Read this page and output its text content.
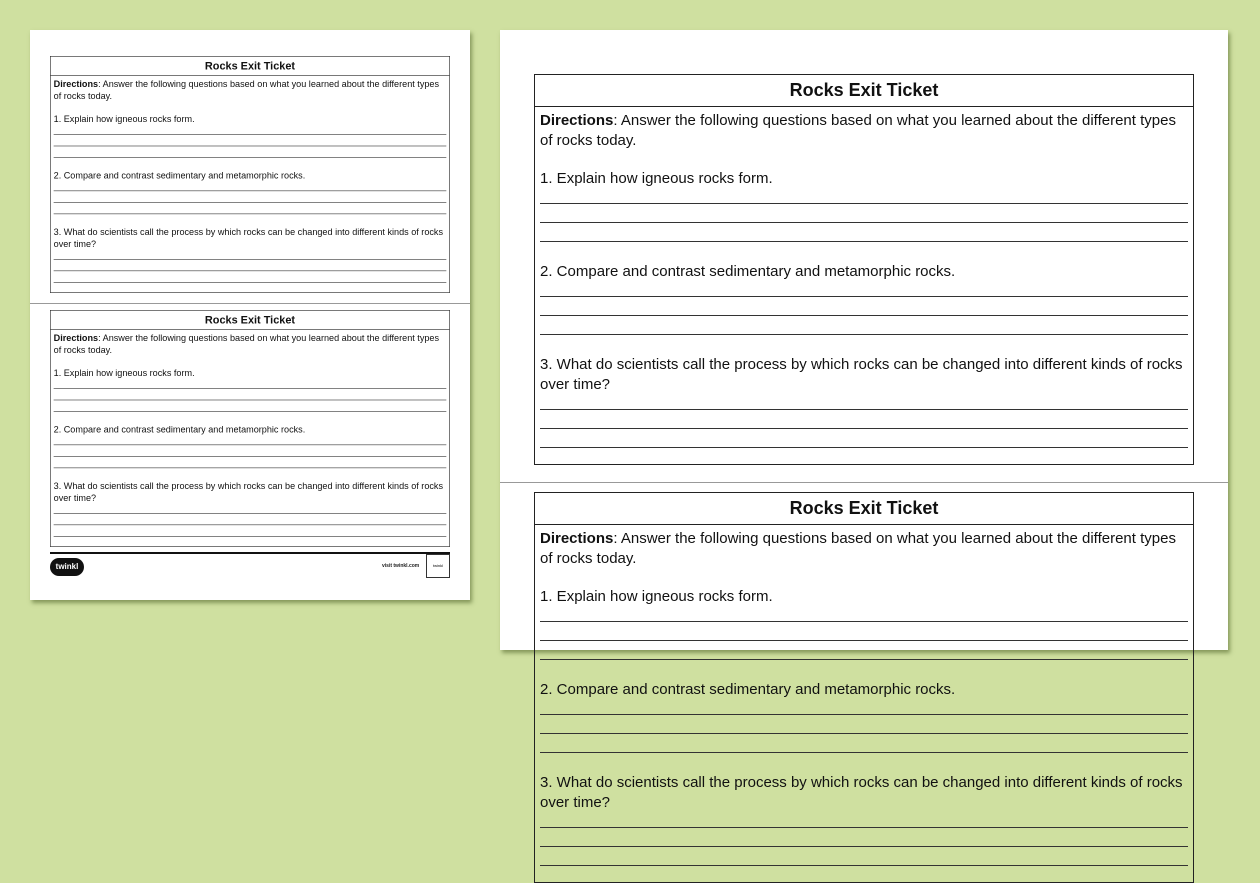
twinkl	visit twinkl.com	twinkl
Rocks Exit Ticket
Directions: Answer the following questions based on what you learned about the different types of rocks today.
1. Explain how igneous rocks form.
2. Compare and contrast sedimentary and metamorphic rocks.
3. What do scientists call the process by which rocks can be changed into different kinds of rocks over time?
Rocks Exit Ticket
Directions: Answer the following questions based on what you learned about the different types of rocks today.
1. Explain how igneous rocks form.
2. Compare and contrast sedimentary and metamorphic rocks.
3. What do scientists call the process by which rocks can be changed into different kinds of rocks over time?
Rocks Exit Ticket
Directions: Answer the following questions based on what you learned about the different types of rocks today.
1. Explain how igneous rocks form.
2. Compare and contrast sedimentary and metamorphic rocks.
3. What do scientists call the process by which rocks can be changed into different kinds of rocks over time?
Rocks Exit Ticket
Directions: Answer the following questions based on what you learned about the different types of rocks today.
1. Explain how igneous rocks form.
2. Compare and contrast sedimentary and metamorphic rocks.
3. What do scientists call the process by which rocks can be changed into different kinds of rocks over time?
